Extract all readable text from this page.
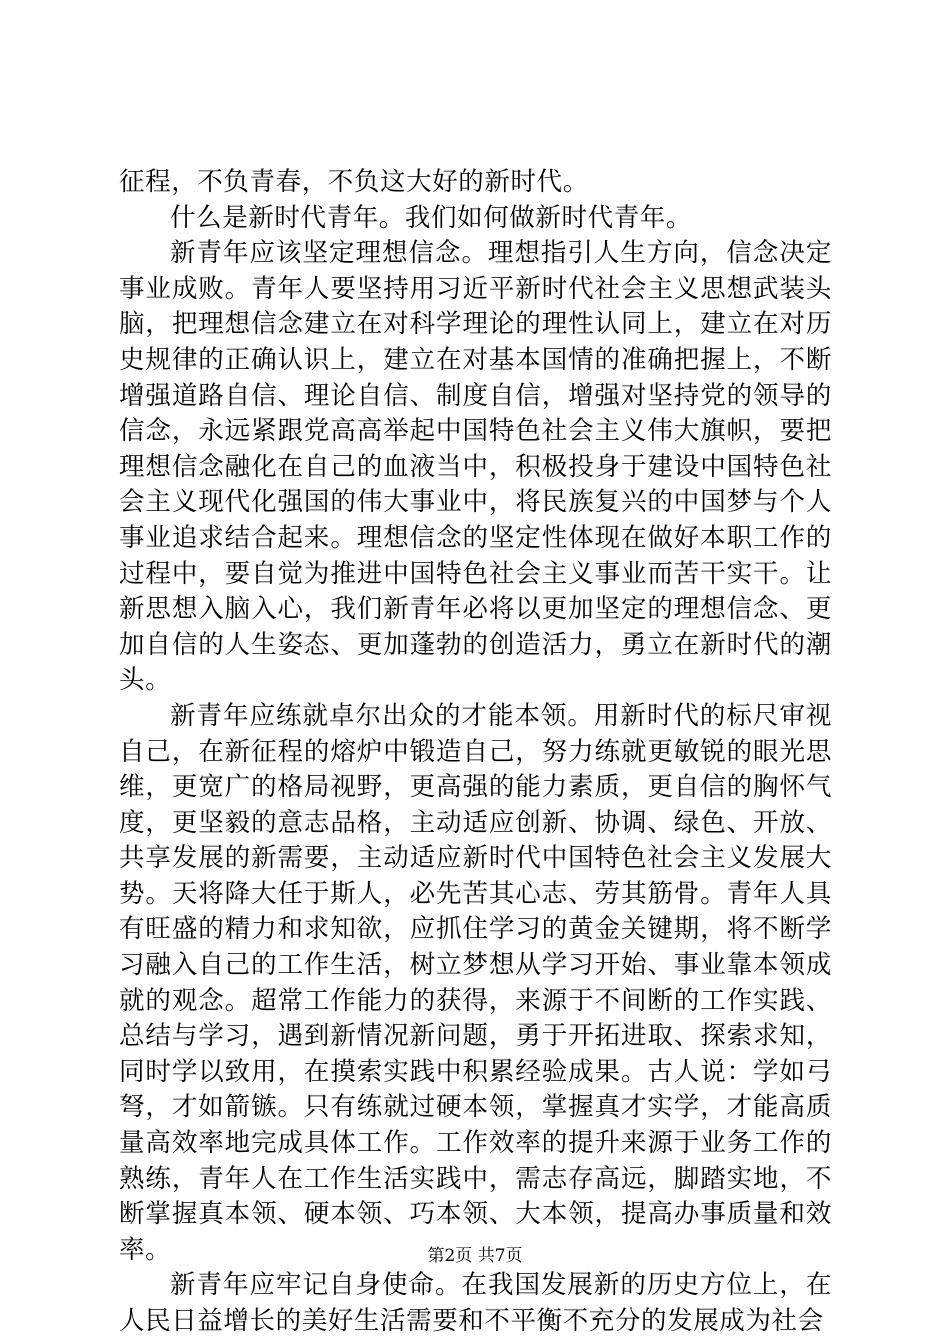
征程，不负青春，不负这大好的新时代。

什么是新时代青年。我们如何做新时代青年。

新青年应该坚定理想信念。理想指引人生方向，信念决定事业成败。青年人要坚持用习近平新时代社会主义思想武装头脑，把理想信念建立在对科学理论的理性认同上，建立在对历史规律的正确认识上，建立在对基本国情的准确把握上，不断增强道路自信、理论自信、制度自信，增强对坚持党的领导的信念，永远紧跟党高高举起中国特色社会主义伟大旗帜，要把理想信念融化在自己的血液当中，积极投身于建设中国特色社会主义现代化强国的伟大事业中，将民族复兴的中国梦与个人事业追求结合起来。理想信念的坚定性体现在做好本职工作的过程中，要自觉为推进中国特色社会主义事业而苦干实干。让新思想入脑入心，我们新青年必将以更加坚定的理想信念、更加自信的人生姿态、更加蓬勃的创造活力，勇立在新时代的潮头。

新青年应练就卓尔出众的才能本领。用新时代的标尺审视自己，在新征程的熔炉中锻造自己，努力练就更敏锐的眼光思维，更宽广的格局视野，更高强的能力素质，更自信的胸怀气度，更坚毅的意志品格，主动适应创新、协调、绿色、开放、共享发展的新需要，主动适应新时代中国特色社会主义发展大势。天将降大任于斯人，必先苦其心志、劳其筋骨。青年人具有旺盛的精力和求知欲，应抓住学习的黄金关键期，将不断学习融入自己的工作生活，树立梦想从学习开始、事业靠本领成就的观念。超常工作能力的获得，来源于不间断的工作实践、总结与学习，遇到新情况新问题，勇于开拓进取、探索求知，同时学以致用，在摸索实践中积累经验成果。古人说：学如弓弩，才如箭镞。只有练就过硬本领，掌握真才实学，才能高质量高效率地完成具体工作。工作效率的提升来源于业务工作的熟练，青年人在工作生活实践中，需志存高远，脚踏实地，不断掌握真本领、硬本领、巧本领、大本领，提高办事质量和效率。

新青年应牢记自身使命。在我国发展新的历史方位上，在人民日益增长的美好生活需要和不平衡不充分的发展成为社会

第2页 共7页
